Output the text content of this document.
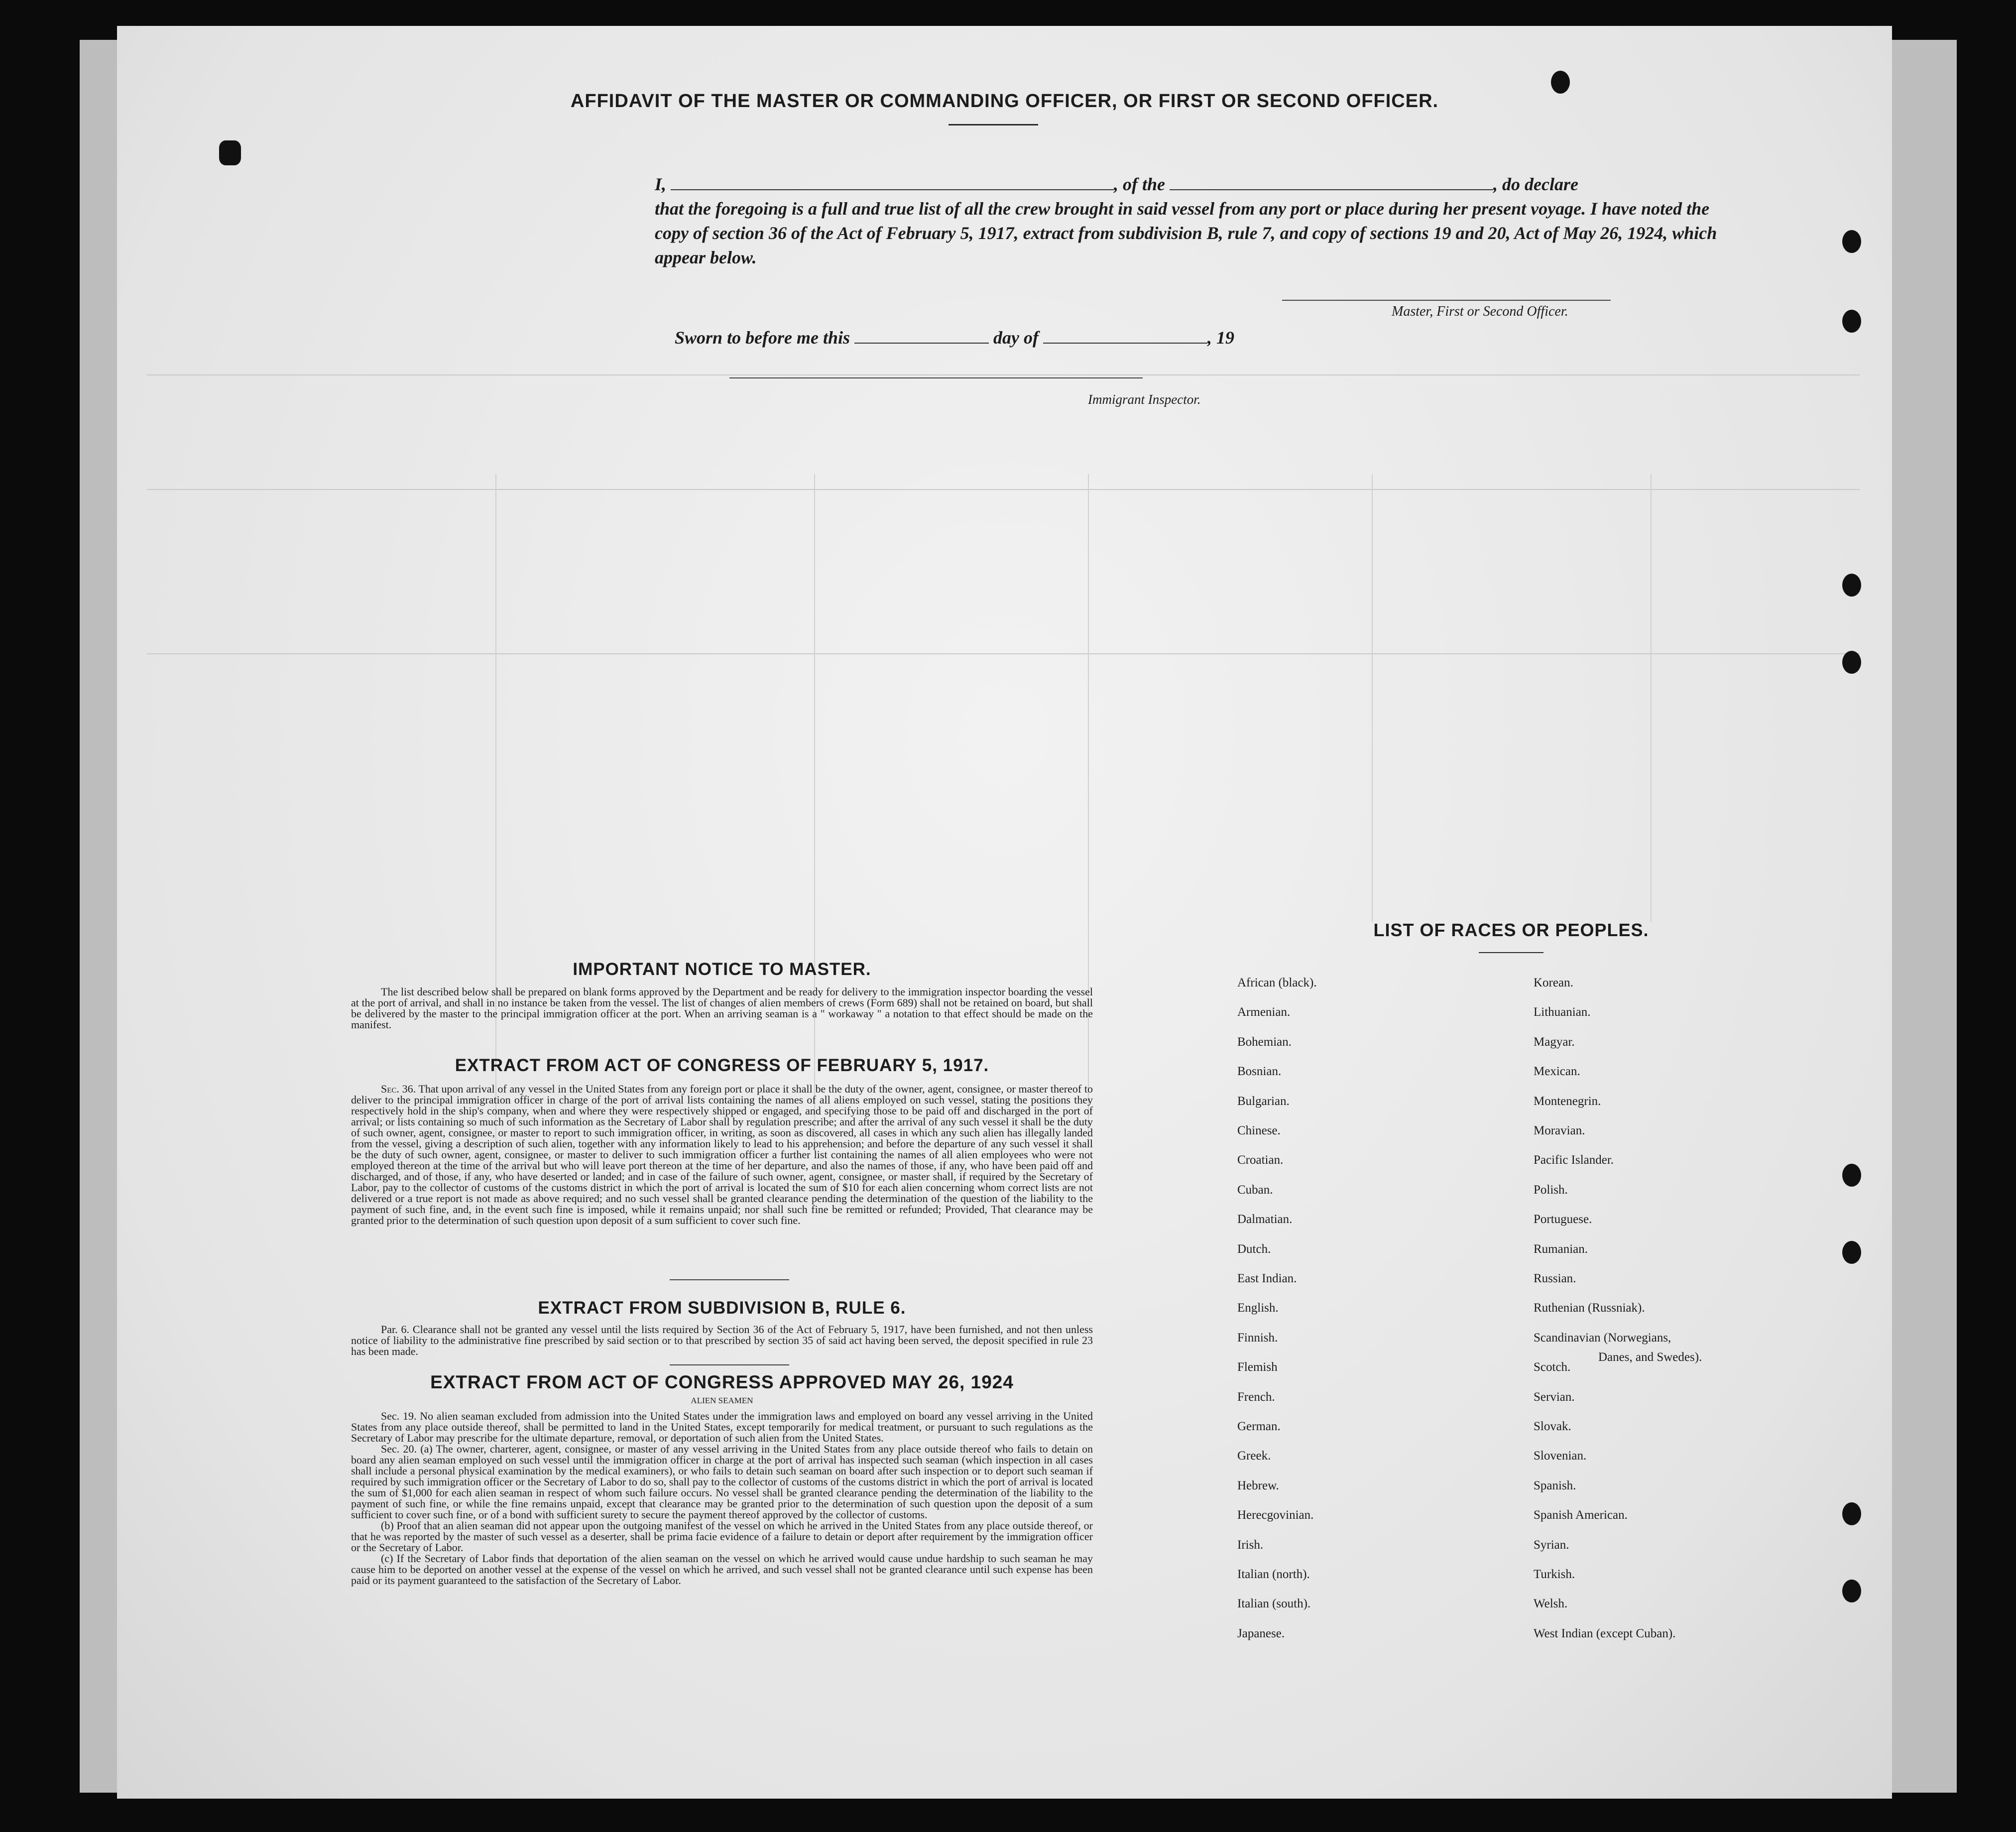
AFFIDAVIT OF THE MASTER OR COMMANDING OFFICER, OR FIRST OR SECOND OFFICER.
I,	, of the	, do declare
that the foregoing is a full and true list of all the crew brought in said vessel from any port or place during her present voyage. I have noted the copy of section 36 of the Act of February 5, 1917, extract from subdivision B, rule 7, and copy of sections 19 and 20, Act of May 26, 1924, which appear below.
Master, First or Second Officer.
Sworn to before me this	day of	, 19
Immigrant Inspector.
IMPORTANT NOTICE TO MASTER.
The list described below shall be prepared on blank forms approved by the Department and be ready for delivery to the immigration inspector boarding the vessel at the port of arrival, and shall in no instance be taken from the vessel. The list of changes of alien members of crews (Form 689) shall not be retained on board, but shall be delivered by the master to the principal immigration officer at the port. When an arriving seaman is a " workaway " a notation to that effect should be made on the manifest.
EXTRACT FROM ACT OF CONGRESS OF FEBRUARY 5, 1917.
Sec. 36. That upon arrival of any vessel in the United States from any foreign port or place it shall be the duty of the owner, agent, consignee, or master thereof to deliver to the principal immigration officer in charge of the port of arrival lists containing the names of all aliens employed on such vessel, stating the positions they respectively hold in the ship's company, when and where they were respectively shipped or engaged, and specifying those to be paid off and discharged in the port of arrival; or lists containing so much of such information as the Secretary of Labor shall by regulation prescribe; and after the arrival of any such vessel it shall be the duty of such owner, agent, consignee, or master to report to such immigration officer, in writing, as soon as discovered, all cases in which any such alien has illegally landed from the vessel, giving a description of such alien, together with any information likely to lead to his apprehension; and before the departure of any such vessel it shall be the duty of such owner, agent, consignee, or master to deliver to such immigration officer a further list containing the names of all alien employees who were not employed thereon at the time of the arrival but who will leave port thereon at the time of her departure, and also the names of those, if any, who have been paid off and discharged, and of those, if any, who have deserted or landed; and in case of the failure of such owner, agent, consignee, or master shall, if required by the Secretary of Labor, pay to the collector of customs of the customs district in which the port of arrival is located the sum of $10 for each alien concerning whom correct lists are not delivered or a true report is not made as above required; and no such vessel shall be granted clearance pending the determination of the question of the liability to the payment of such fine, and, in the event such fine is imposed, while it remains unpaid; nor shall such fine be remitted or refunded; Provided, That clearance may be granted prior to the determination of such question upon deposit of a sum sufficient to cover such fine.
EXTRACT FROM SUBDIVISION B, RULE 6.
Par. 6. Clearance shall not be granted any vessel until the lists required by Section 36 of the Act of February 5, 1917, have been furnished, and not then unless notice of liability to the administrative fine prescribed by said section or to that prescribed by section 35 of said act having been served, the deposit specified in rule 23 has been made.
EXTRACT FROM ACT OF CONGRESS APPROVED MAY 26, 1924
ALIEN SEAMEN
Sec. 19. No alien seaman excluded from admission into the United States under the immigration laws and employed on board any vessel arriving in the United States from any place outside thereof, shall be permitted to land in the United States, except temporarily for medical treatment, or pursuant to such regulations as the Secretary of Labor may prescribe for the ultimate departure, removal, or deportation of such alien from the United States.
Sec. 20. (a) The owner, charterer, agent, consignee, or master of any vessel arriving in the United States from any place outside thereof who fails to detain on board any alien seaman employed on such vessel until the immigration officer in charge at the port of arrival has inspected such seaman (which inspection in all cases shall include a personal physical examination by the medical examiners), or who fails to detain such seaman on board after such inspection or to deport such seaman if required by such immigration officer or the Secretary of Labor to do so, shall pay to the collector of customs of the customs district in which the port of arrival is located the sum of $1,000 for each alien seaman in respect of whom such failure occurs. No vessel shall be granted clearance pending the determination of the liability to the payment of such fine, or while the fine remains unpaid, except that clearance may be granted prior to the determination of such question upon the deposit of a sum sufficient to cover such fine, or of a bond with sufficient surety to secure the payment thereof approved by the collector of customs.
(b) Proof that an alien seaman did not appear upon the outgoing manifest of the vessel on which he arrived in the United States from any place outside thereof, or that he was reported by the master of such vessel as a deserter, shall be prima facie evidence of a failure to detain or deport after requirement by the immigration officer or the Secretary of Labor.
(c) If the Secretary of Labor finds that deportation of the alien seaman on the vessel on which he arrived would cause undue hardship to such seaman he may cause him to be deported on another vessel at the expense of the vessel on which he arrived, and such vessel shall not be granted clearance until such expense has been paid or its payment guaranteed to the satisfaction of the Secretary of Labor.
LIST OF RACES OR PEOPLES.
African (black).
Armenian.
Bohemian.
Bosnian.
Bulgarian.
Chinese.
Croatian.
Cuban.
Dalmatian.
Dutch.
East Indian.
English.
Finnish.
Flemish
French.
German.
Greek.
Hebrew.
Herecgovinian.
Irish.
Italian (north).
Italian (south).
Japanese.
Korean.
Lithuanian.
Magyar.
Mexican.
Montenegrin.
Moravian.
Pacific Islander.
Polish.
Portuguese.
Rumanian.
Russian.
Ruthenian (Russniak).
Scandinavian (Norwegians,
Scotch.
Servian.
Slovak.
Slovenian.
Spanish.
Spanish American.
Syrian.
Turkish.
Welsh.
West Indian (except Cuban).
Danes, and Swedes).
